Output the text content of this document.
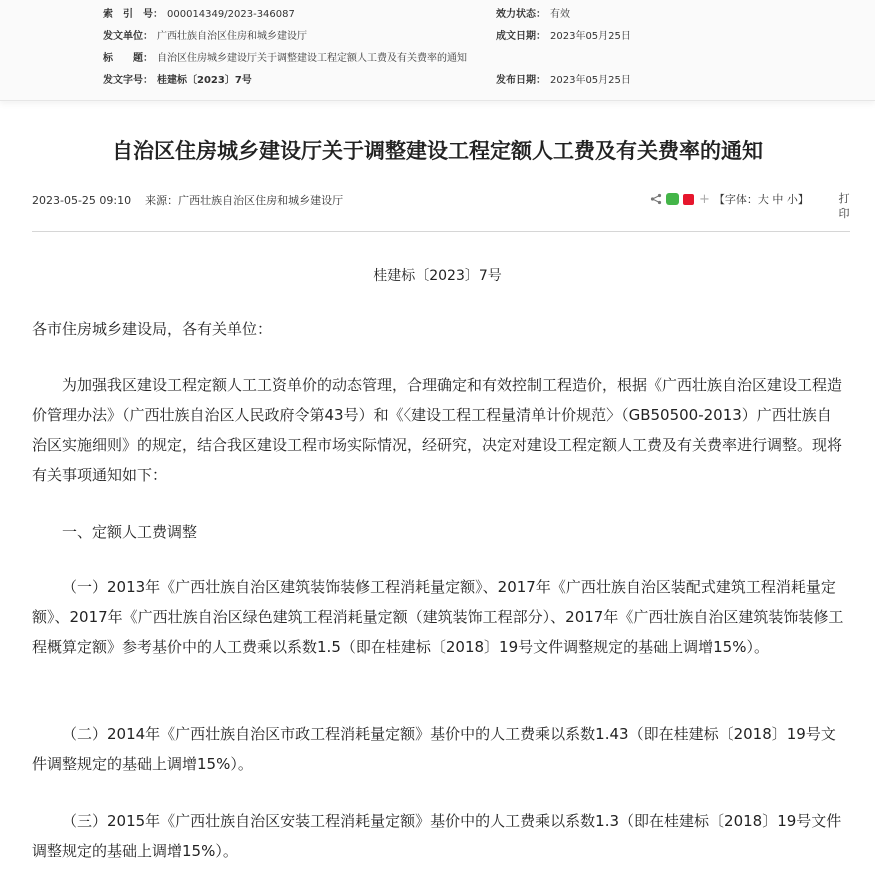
索　引　号： 000014349/2023-346087	效力状态： 有效
发文单位： 广西壮族自治区住房和城乡建设厅	成文日期： 2023年05月25日
标　　题： 自治区住房城乡建设厅关于调整建设工程定额人工费及有关费率的通知
发文字号： 桂建标〔2023〕7号	发布日期： 2023年05月25日
自治区住房城乡建设厅关于调整建设工程定额人工费及有关费率的通知
2023-05-25 09:10 来源：广西壮族自治区住房和城乡建设厅	+ 【字体：大 中 小】	打印
桂建标〔2023〕7号

各市住房城乡建设局，各有关单位：

为加强我区建设工程定额人工工资单价的动态管理，合理确定和有效控制工程造价，根据《广西壮族自治区建设工程造价管理办法》（广西壮族自治区人民政府令第43号）和《〈建设工程工程量清单计价规范〉（GB50500-2013）广西壮族自治区实施细则》的规定，结合我区建设工程市场实际情况，经研究，决定对建设工程定额人工费及有关费率进行调整。现将有关事项通知如下：

一、定额人工费调整

（一）2013年《广西壮族自治区建筑装饰装修工程消耗量定额》、2017年《广西壮族自治区装配式建筑工程消耗量定额》、2017年《广西壮族自治区绿色建筑工程消耗量定额（建筑装饰工程部分）、2017年《广西壮族自治区建筑装饰装修工程概算定额》参考基价中的人工费乘以系数1.5（即在桂建标〔2018〕19号文件调整规定的基础上调增15%）。

（二）2014年《广西壮族自治区市政工程消耗量定额》基价中的人工费乘以系数1.43（即在桂建标〔2018〕19号文件调整规定的基础上调增15%）。

（三）2015年《广西壮族自治区安装工程消耗量定额》基价中的人工费乘以系数1.3（即在桂建标〔2018〕19号文件调整规定的基础上调增15%）。
